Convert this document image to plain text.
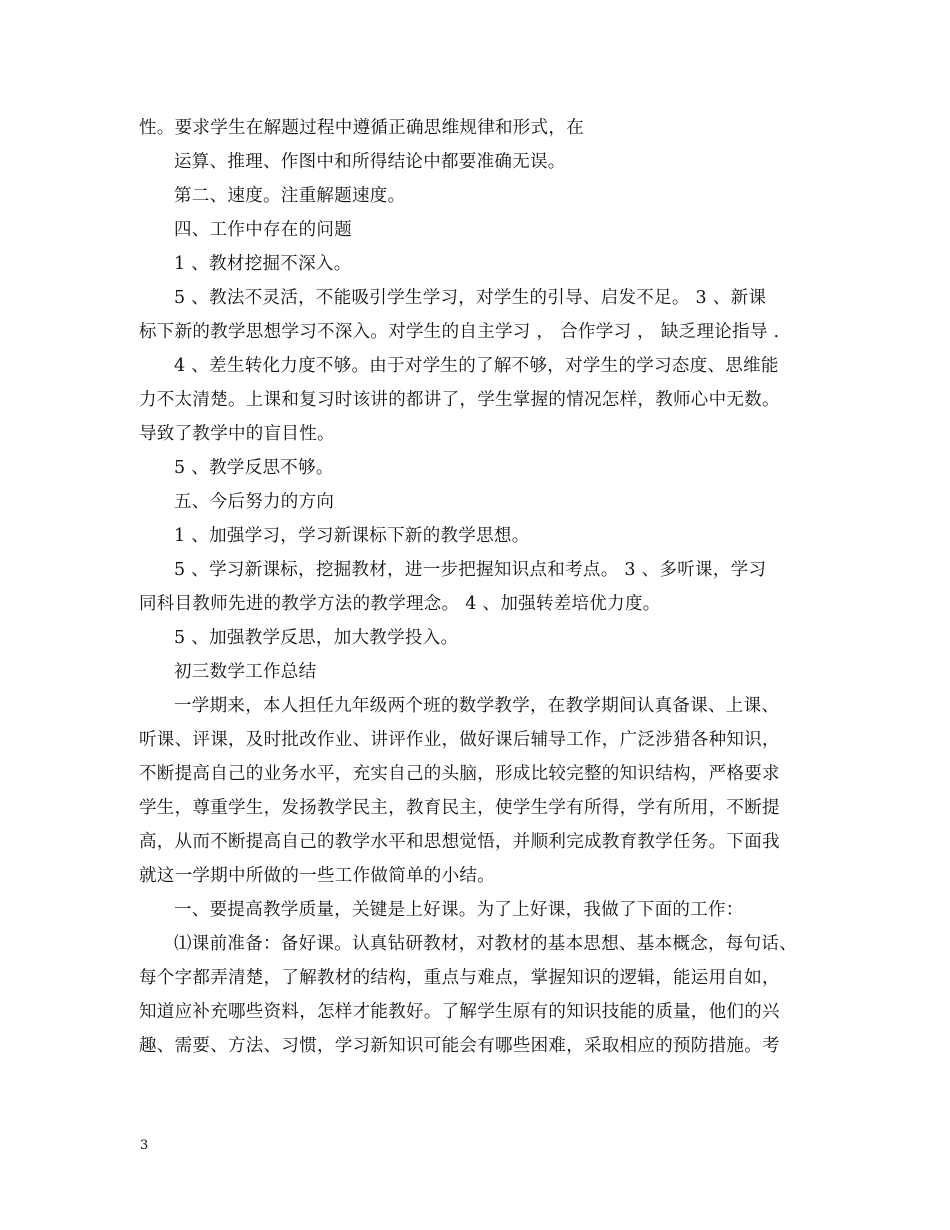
性。要求学生在解题过程中遵循正确思维规律和形式，在
运算、推理、作图中和所得结论中都要准确无误。
第二、速度。注重解题速度。
四、工作中存在的问题
1 、教材挖掘不深入。
5 、教法不灵活，不能吸引学生学习，对学生的引导、启发不足。 3 、新课
标下新的教学思想学习不深入。对学生的自主学习 ， 合作学习 ， 缺乏理论指导 .
4 、差生转化力度不够。由于对学生的了解不够，对学生的学习态度、思维能
力不太清楚。上课和复习时该讲的都讲了，学生掌握的情况怎样，教师心中无数。
导致了教学中的盲目性。
5 、教学反思不够。
五、今后努力的方向
1 、加强学习，学习新课标下新的教学思想。
5 、学习新课标，挖掘教材，进一步把握知识点和考点。 3 、多听课，学习
同科目教师先进的教学方法的教学理念。 4 、加强转差培优力度。
5 、加强教学反思，加大教学投入。
初三数学工作总结
一学期来，本人担任九年级两个班的数学教学，在教学期间认真备课、上课、
听课、评课，及时批改作业、讲评作业，做好课后辅导工作，广泛涉猎各种知识，
不断提高自己的业务水平，充实自己的头脑，形成比较完整的知识结构，严格要求
学生，尊重学生，发扬教学民主，教育民主，使学生学有所得，学有所用，不断提
高，从而不断提高自己的教学水平和思想觉悟，并顺利完成教育教学任务。下面我
就这一学期中所做的一些工作做简单的小结。
一、要提高教学质量，关键是上好课。为了上好课，我做了下面的工作：
⑴课前准备：备好课。认真钻研教材，对教材的基本思想、基本概念，每句话、
每个字都弄清楚，了解教材的结构，重点与难点，掌握知识的逻辑，能运用自如，
知道应补充哪些资料，怎样才能教好。了解学生原有的知识技能的质量，他们的兴
趣、需要、方法、习惯，学习新知识可能会有哪些困难，采取相应的预防措施。考
3
